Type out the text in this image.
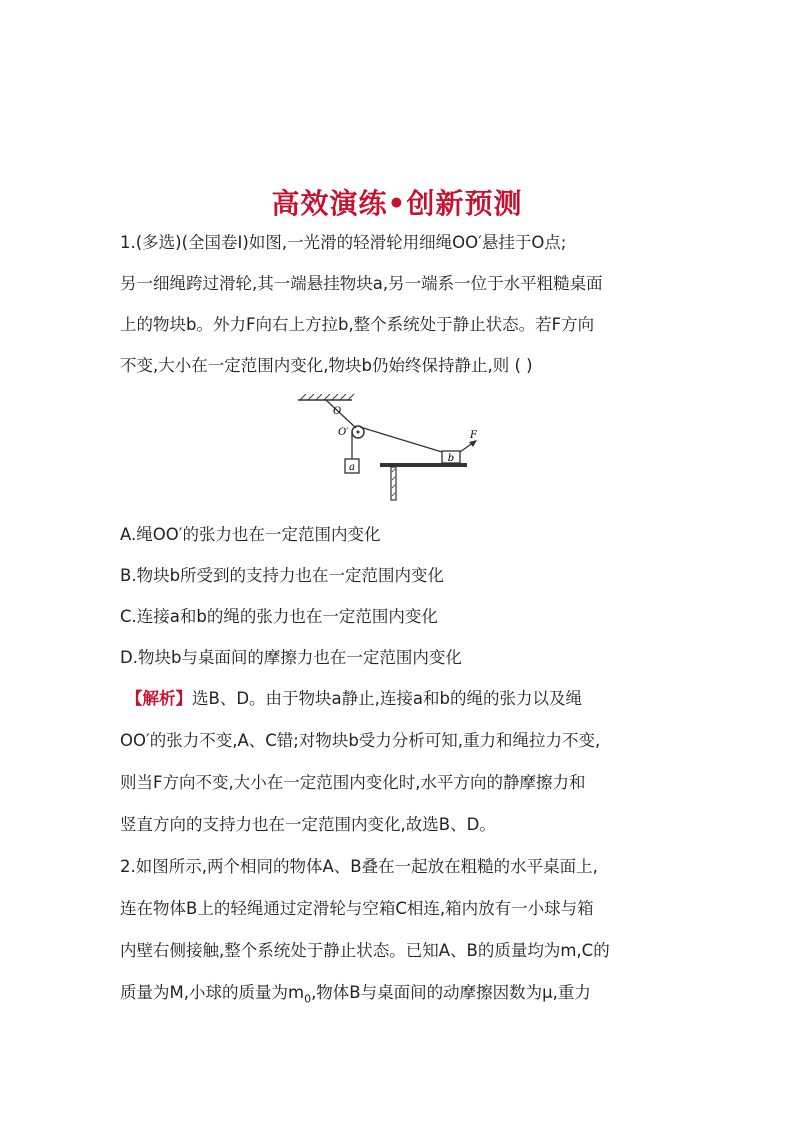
高效演练•创新预测
1.(多选)(全国卷Ⅰ)如图,一光滑的轻滑轮用细绳OO′悬挂于O点;
另一细绳跨过滑轮,其一端悬挂物块a,另一端系一位于水平粗糙桌面
上的物块b。外力F向右上方拉b,整个系统处于静止状态。若F方向
不变,大小在一定范围内变化,物块b仍始终保持静止,则 ( )
a
b
F
O
O′
A.绳OO′的张力也在一定范围内变化
B.物块b所受到的支持力也在一定范围内变化
C.连接a和b的绳的张力也在一定范围内变化
D.物块b与桌面间的摩擦力也在一定范围内变化
【解析】选B、D。由于物块a静止,连接a和b的绳的张力以及绳
OO′的张力不变,A、C错;对物块b受力分析可知,重力和绳拉力不变,
则当F方向不变,大小在一定范围内变化时,水平方向的静摩擦力和
竖直方向的支持力也在一定范围内变化,故选B、D。
2.如图所示,两个相同的物体A、B叠在一起放在粗糙的水平桌面上,
连在物体B上的轻绳通过定滑轮与空箱C相连,箱内放有一小球与箱
内壁右侧接触,整个系统处于静止状态。已知A、B的质量均为m,C的
质量为M,小球的质量为$m_0$,物体B与桌面间的动摩擦因数为μ,重力
